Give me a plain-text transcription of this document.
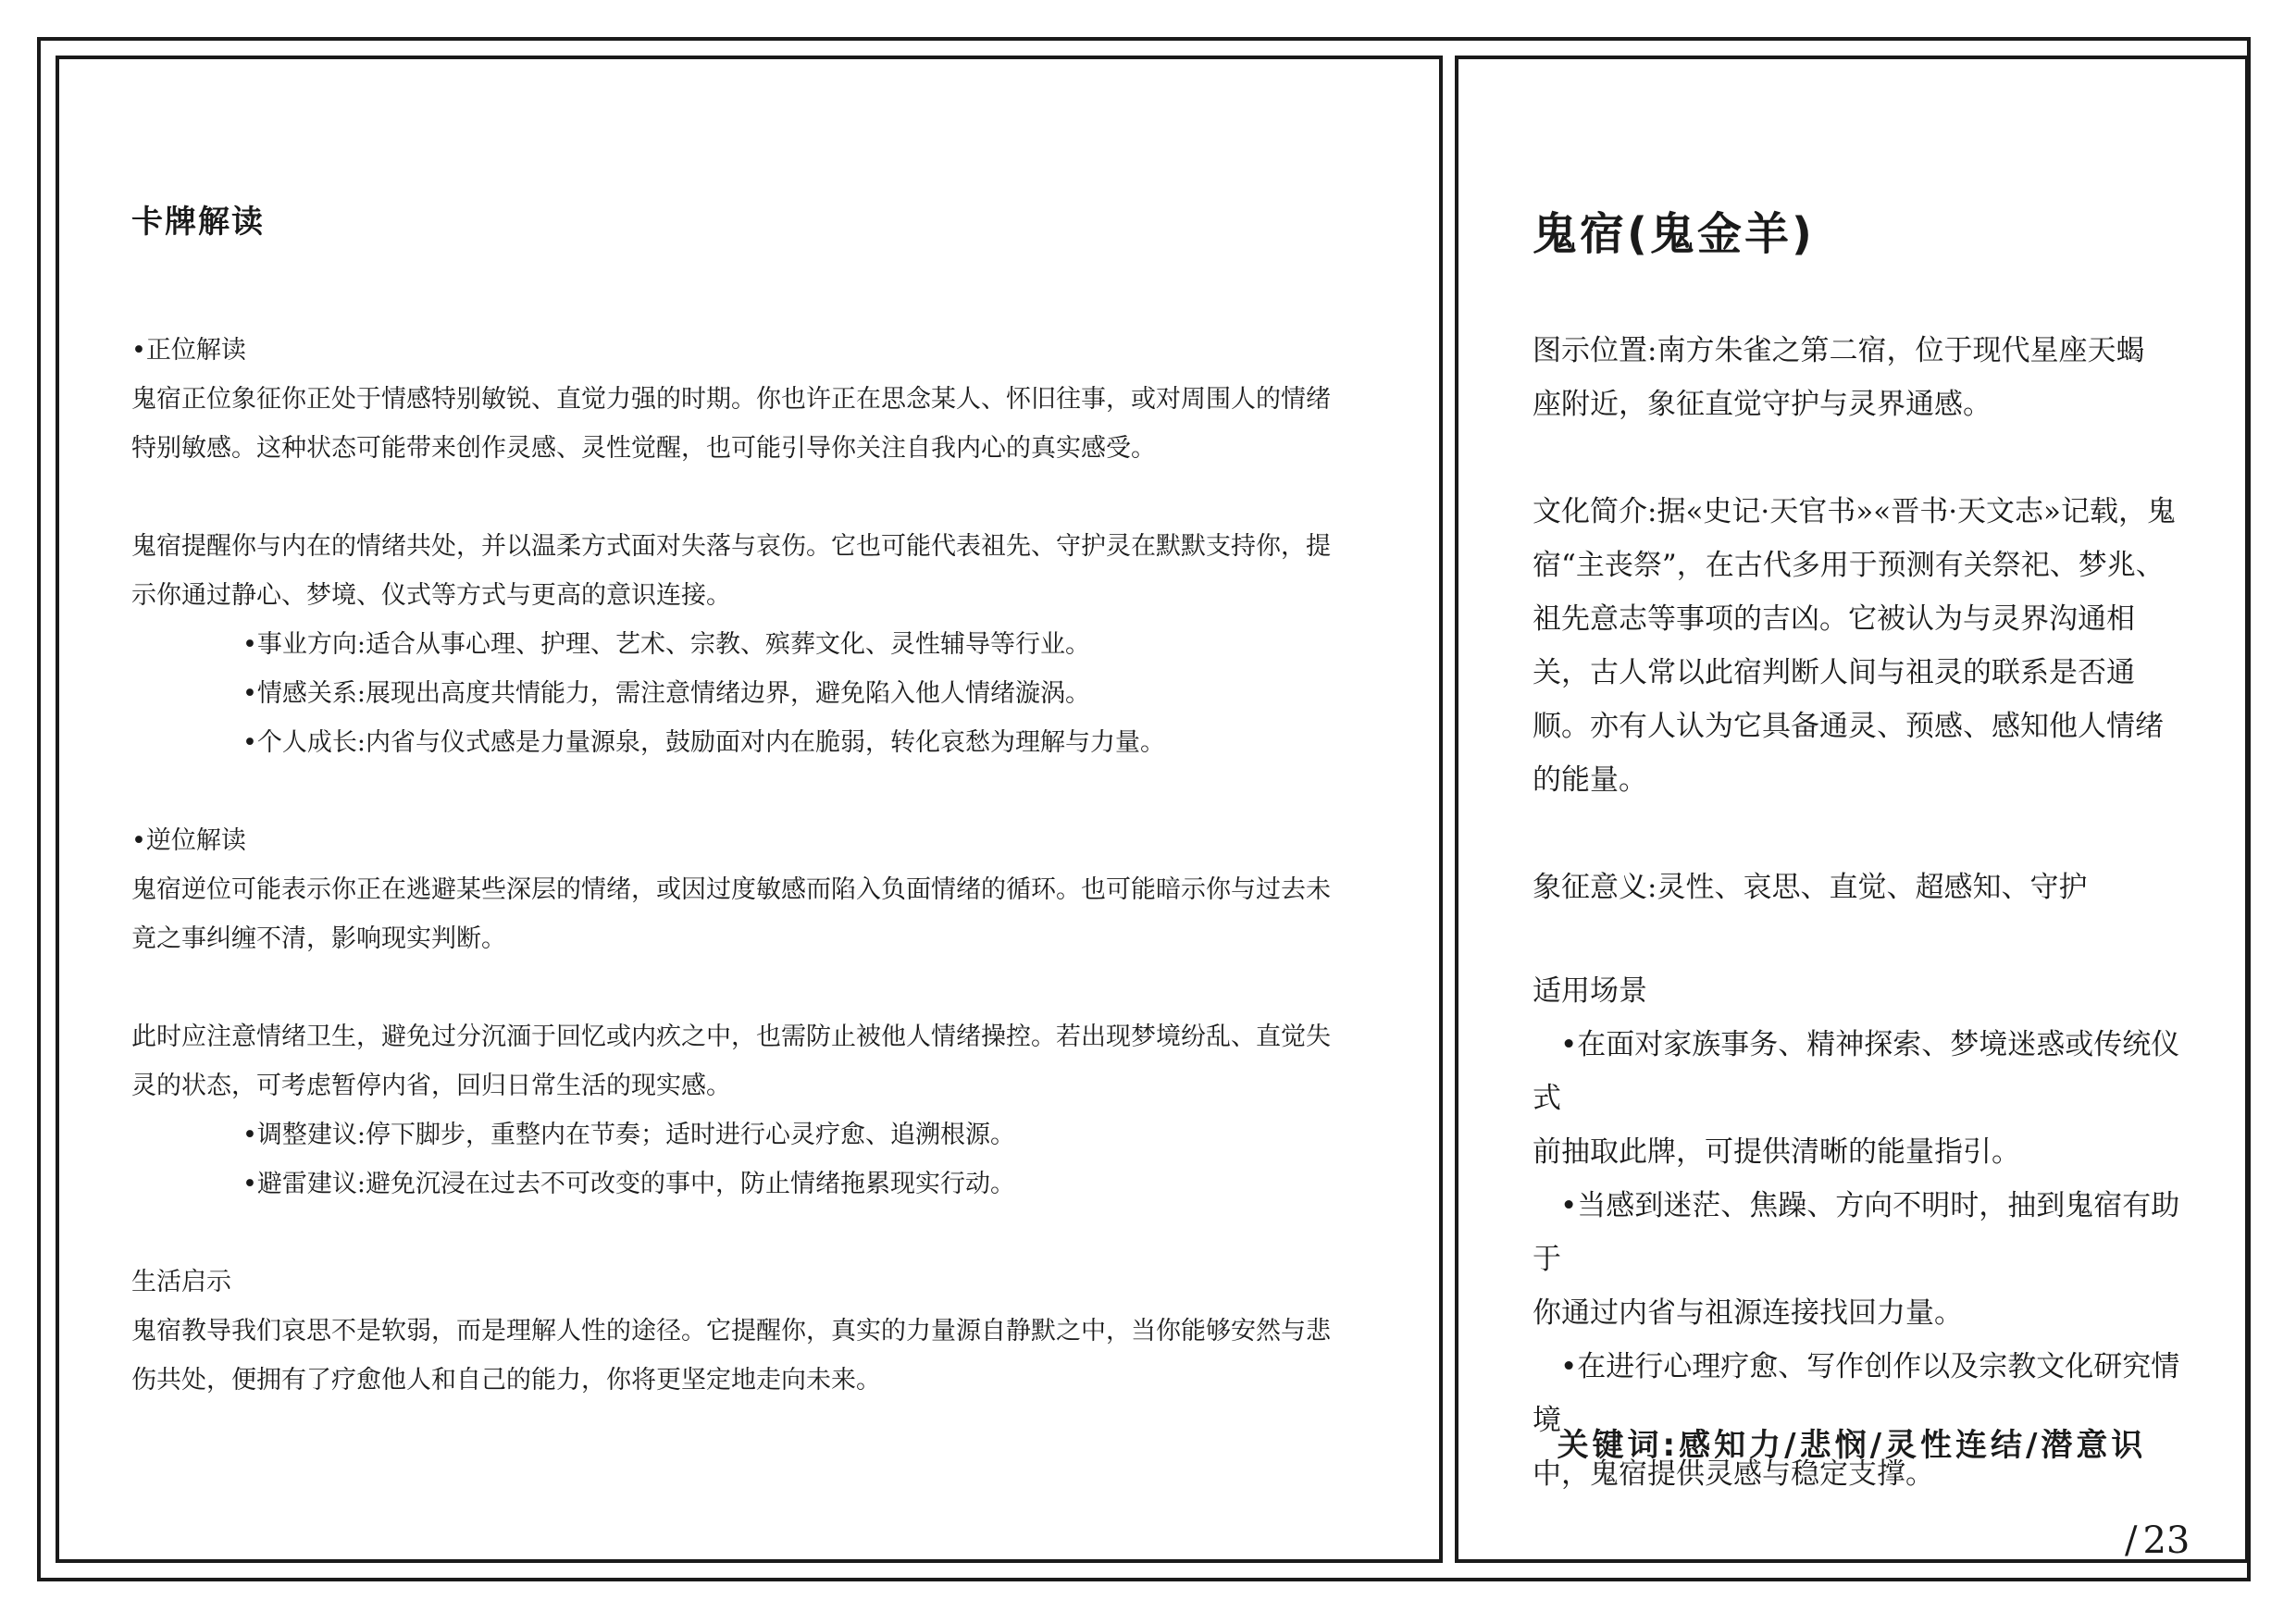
卡牌解读

•正位解读

鬼宿正位象征你正处于情感特别敏锐、直觉力强的时期。你也许正在思念某人、怀旧往事，或对周围人的情绪

特别敏感。这种状态可能带来创作灵感、灵性觉醒，也可能引导你关注自我内心的真实感受。

鬼宿提醒你与内在的情绪共处，并以温柔方式面对失落与哀伤。它也可能代表祖先、守护灵在默默支持你，提

示你通过静心、梦境、仪式等方式与更高的意识连接。

•事业方向:适合从事心理、护理、艺术、宗教、殡葬文化、灵性辅导等行业。

•情感关系:展现出高度共情能力，需注意情绪边界，避免陷入他人情绪漩涡。

•个人成长:内省与仪式感是力量源泉，鼓励面对内在脆弱，转化哀愁为理解与力量。

•逆位解读

鬼宿逆位可能表示你正在逃避某些深层的情绪，或因过度敏感而陷入负面情绪的循环。也可能暗示你与过去未

竟之事纠缠不清，影响现实判断。

此时应注意情绪卫生，避免过分沉湎于回忆或内疚之中，也需防止被他人情绪操控。若出现梦境纷乱、直觉失

灵的状态，可考虑暂停内省，回归日常生活的现实感。

•调整建议:停下脚步，重整内在节奏；适时进行心灵疗愈、追溯根源。

•避雷建议:避免沉浸在过去不可改变的事中，防止情绪拖累现实行动。

生活启示

鬼宿教导我们哀思不是软弱，而是理解人性的途径。它提醒你，真实的力量源自静默之中，当你能够安然与悲

伤共处，便拥有了疗愈他人和自己的能力，你将更坚定地走向未来。

鬼宿(鬼金羊)

图示位置:南方朱雀之第二宿，位于现代星座天蝎

座附近，象征直觉守护与灵界通感。

文化简介:据«史记·天官书»«晋书·天文志»记载，鬼

宿“主丧祭”，在古代多用于预测有关祭祀、梦兆、

祖先意志等事项的吉凶。它被认为与灵界沟通相

关，古人常以此宿判断人间与祖灵的联系是否通

顺。亦有人认为它具备通灵、预感、感知他人情绪

的能量。

象征意义:灵性、哀思、直觉、超感知、守护

适用场景

•在面对家族事务、精神探索、梦境迷惑或传统仪式

前抽取此牌，可提供清晰的能量指引。

•当感到迷茫、焦躁、方向不明时，抽到鬼宿有助于

你通过内省与祖源连接找回力量。

•在进行心理疗愈、写作创作以及宗教文化研究情境

中，鬼宿提供灵感与稳定支撑。

关键词:感知力/悲悯/灵性连结/潜意识
/ 23
